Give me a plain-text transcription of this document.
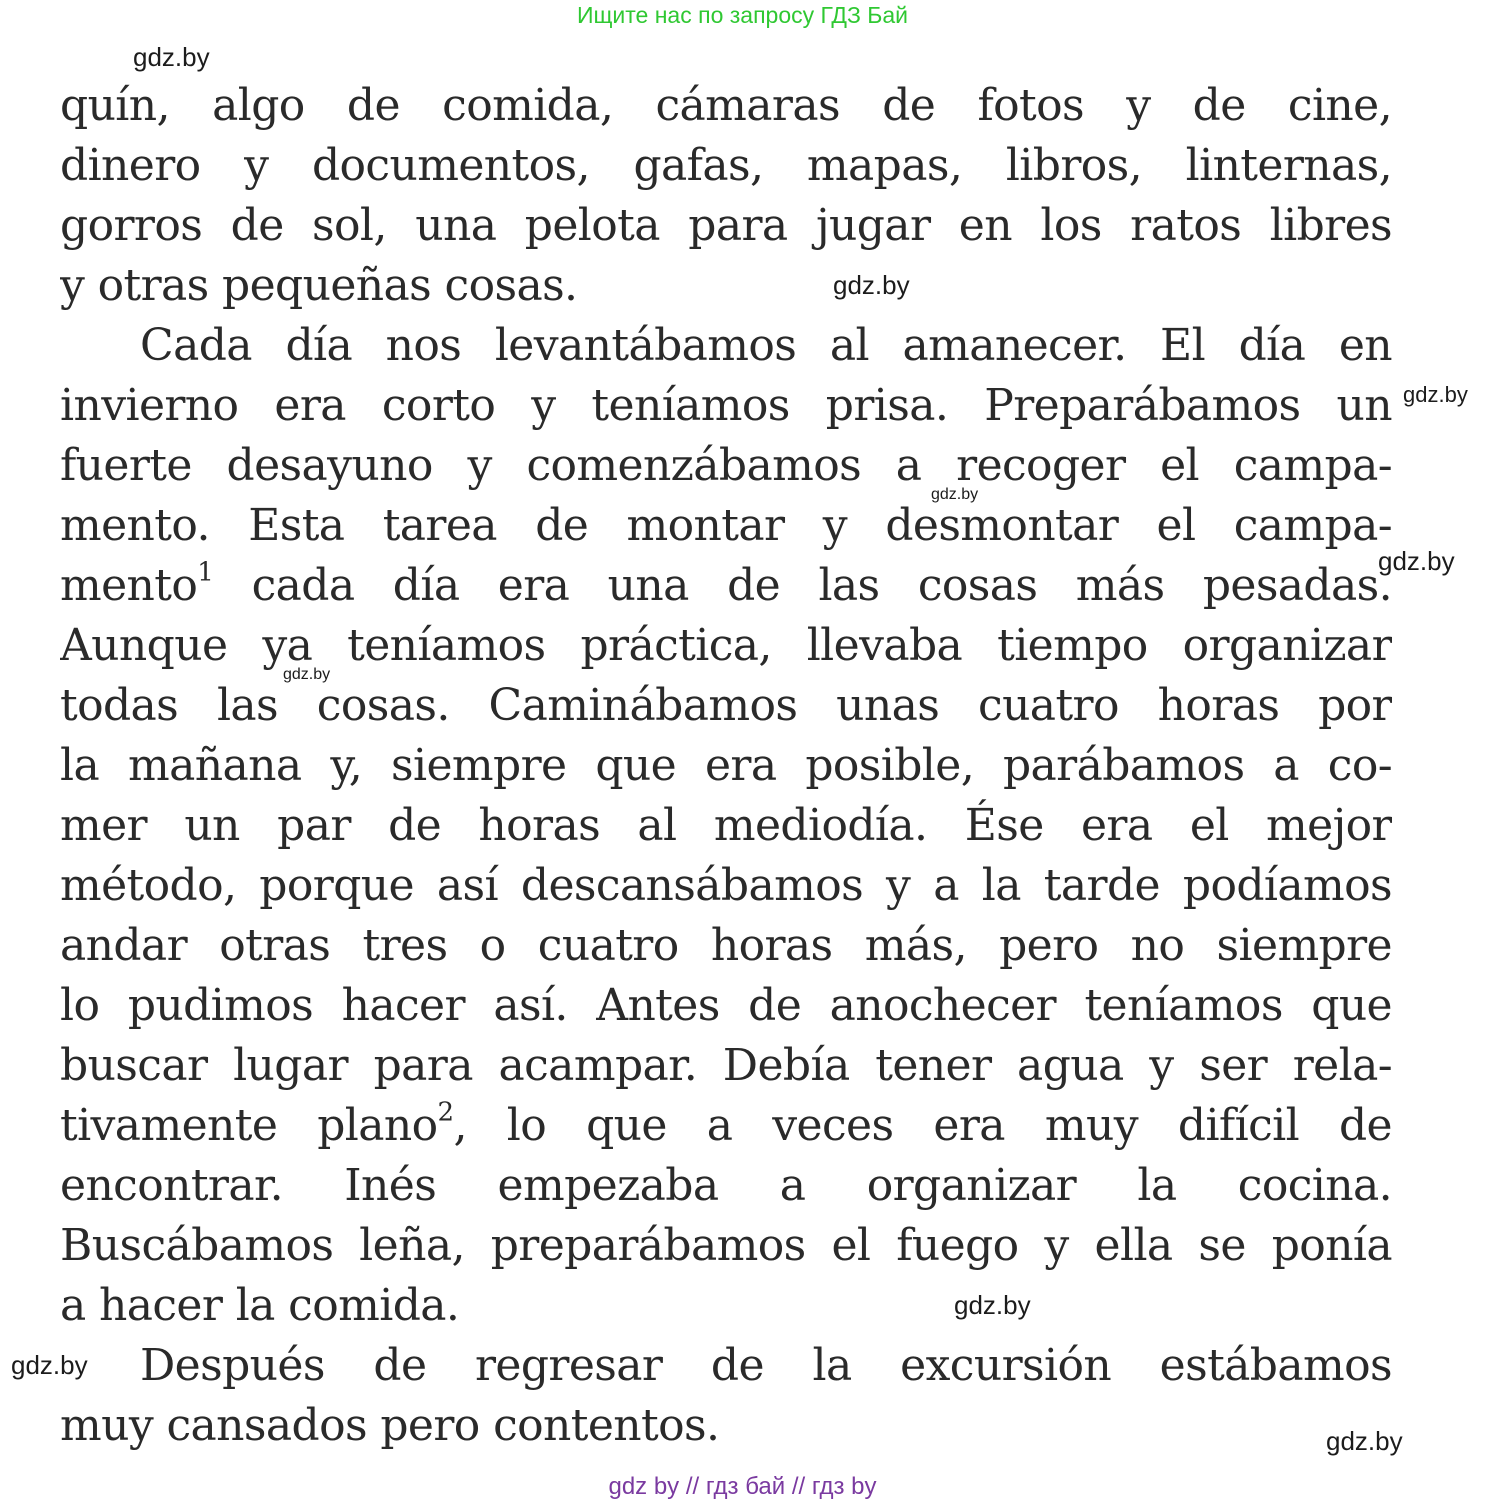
Ищите нас по запросу ГДЗ Бай
gdz.by
gdz.by
gdz.by
gdz.by
gdz.by
gdz.by
gdz.by
gdz.by
gdz.by
quín, algo de comida, cámaras de fotos y de cine,
dinero y documentos, gafas, mapas, libros, linternas,
gorros de sol, una pelota para jugar en los ratos libres
y otras pequeñas cosas.
Cada día nos levantábamos al amanecer. El día en
invierno era corto y teníamos prisa. Preparábamos un
fuerte desayuno y comenzábamos a recoger el campa-
mento. Esta tarea de montar y desmontar el campa-
mento$^1$ cada día era una de las cosas más pesadas.
Aunque ya teníamos práctica, llevaba tiempo organizar
todas las cosas. Caminábamos unas cuatro horas por
la mañana y, siempre que era posible, parábamos a co-
mer un par de horas al mediodía. Ése era el mejor
método, porque así descansábamos y a la tarde podíamos
andar otras tres o cuatro horas más, pero no siempre
lo pudimos hacer así. Antes de anochecer teníamos que
buscar lugar para acampar. Debía tener agua y ser rela-
tivamente plano$^2$, lo que a veces era muy difícil de
encontrar. Inés empezaba a organizar la cocina.
Buscábamos leña, preparábamos el fuego y ella se ponía
a hacer la comida.
Después de regresar de la excursión estábamos
muy cansados pero contentos.
gdz by // гдз бай // гдз by
